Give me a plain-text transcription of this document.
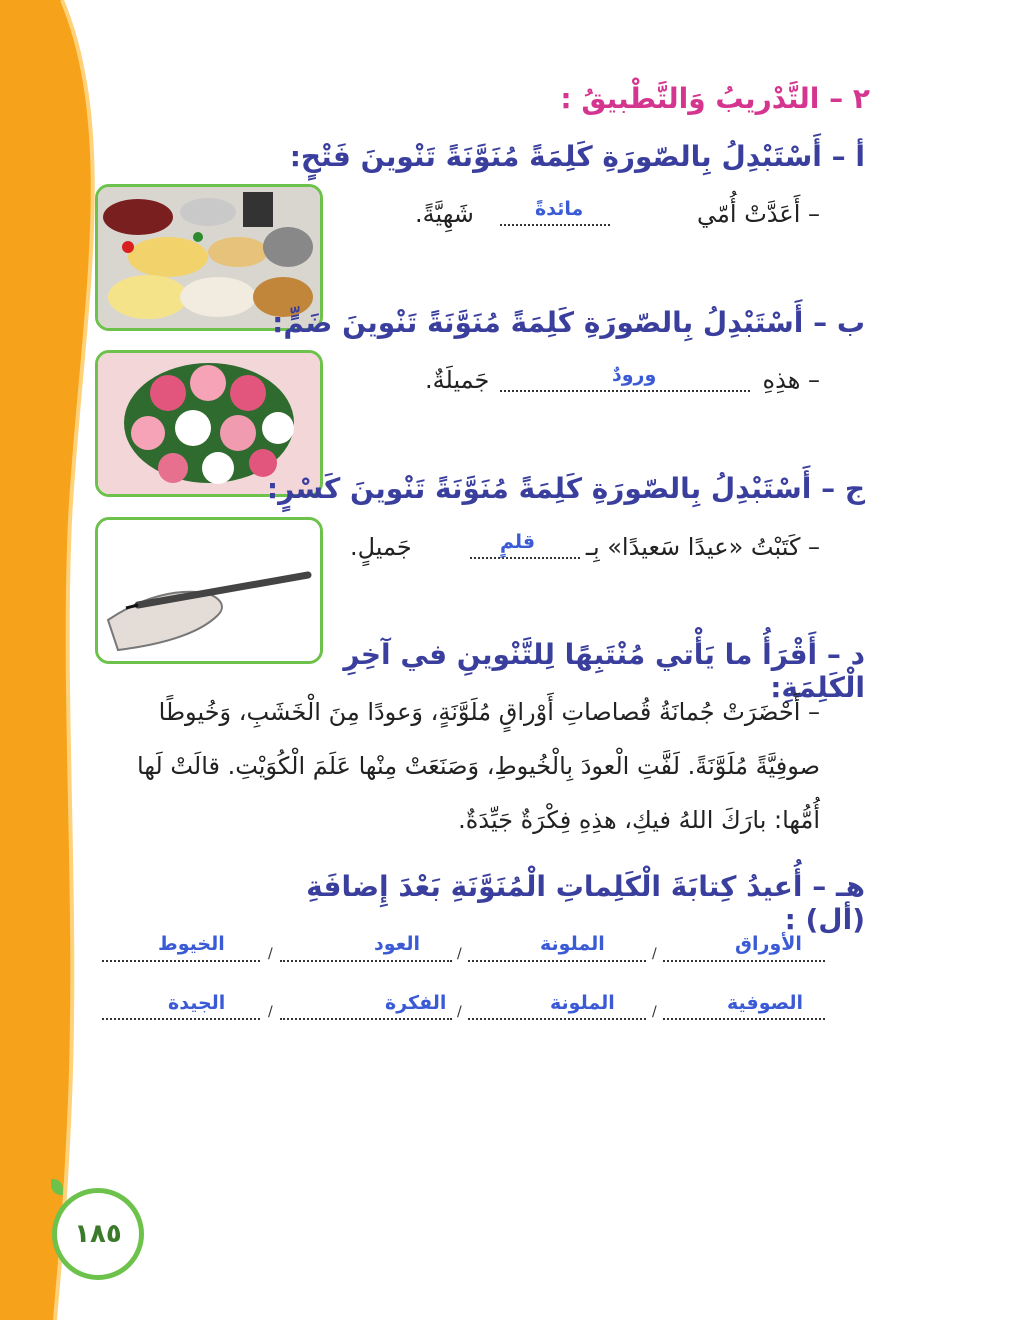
٢ – التَّدْريبُ وَالتَّطْبيقُ :
أ – أَسْتَبْدِلُ بِالصّورَةِ كَلِمَةً مُنَوَّنَةً تَنْوينَ فَتْحٍ:
– أَعَدَّتْ أُمّي
مائدةً
شَهِيَّةً.
ب – أَسْتَبْدِلُ بِالصّورَةِ كَلِمَةً مُنَوَّنَةً تَنْوينَ ضَمٍّ:
– هذِهِ
ورودٌ
جَميلَةٌ.
ج – أَسْتَبْدِلُ بِالصّورَةِ كَلِمَةً مُنَوَّنَةً تَنْوينَ كَسْرٍ:
– كَتَبْتُ «عيدًا سَعيدًا» بِـ
قلمٍ
جَميلٍ.
د – أَقْرَأُ ما يَأْتي مُنْتَبِهًا لِلتَّنْوينِ في آخِرِ الْكَلِمَةِ:
– أَحْضَرَتْ جُمانَةُ قُصاصاتِ أَوْراقٍ مُلَوَّنَةٍ، وَعودًا مِنَ الْخَشَبِ، وَخُيوطًا
صوفِيَّةً مُلَوَّنَةً. لَفَّتِ الْعودَ بِالْخُيوطِ، وَصَنَعَتْ مِنْها عَلَمَ الْكُوَيْتِ. قالَتْ لَها
أُمُّها: بارَكَ اللهُ فيكِ، هذِهِ فِكْرَةٌ جَيِّدَةٌ.
هـ – أُعيدُ كِتابَةَ الْكَلِماتِ الْمُنَوَّنَةِ بَعْدَ إِضافَةِ (أل) :
/
/
/	الأوراق
الملونة
العود
الخيوط
/
/
/	الصوفية
الملونة
الفكرة
الجيدة
١٨٥
